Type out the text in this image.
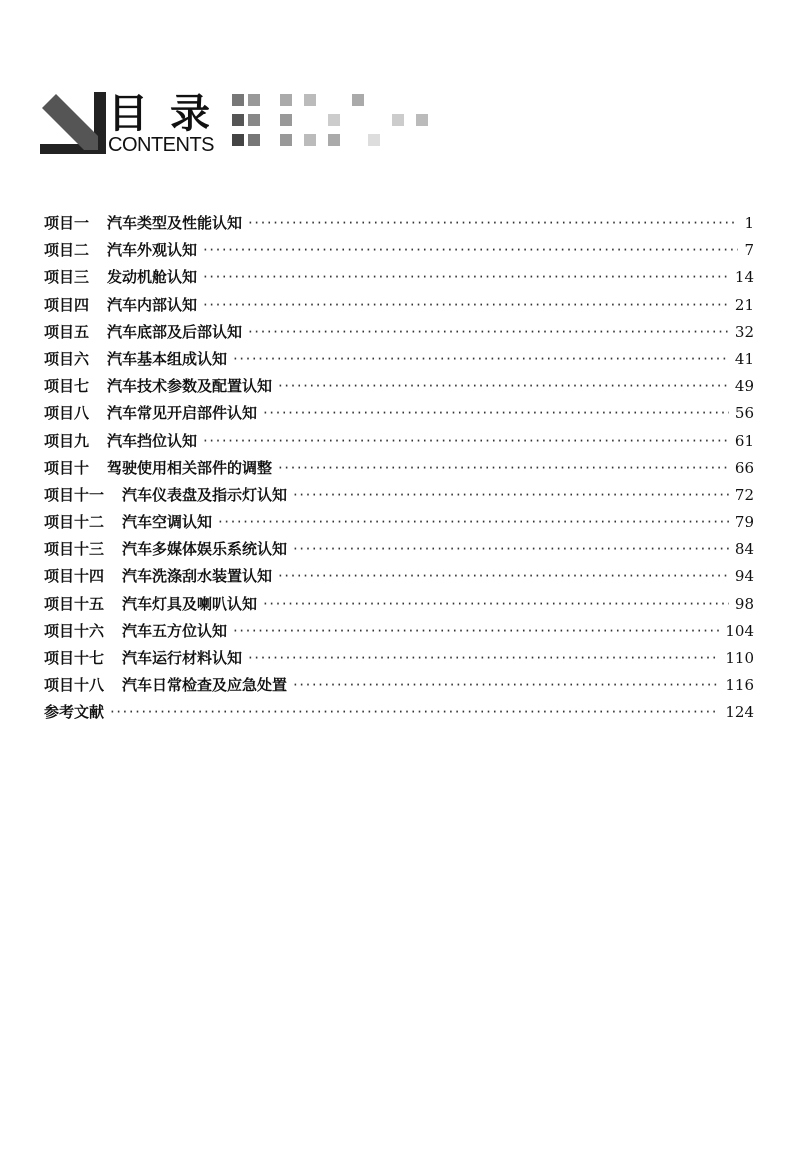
目录
CONTENTS
项目一 汽车类型及性能认知 ·····	1
项目二 汽车外观认知 ·····	7
项目三 发动机舱认知 ·····	14
项目四 汽车内部认知 ·····	21
项目五 汽车底部及后部认知 ·····	32
项目六 汽车基本组成认知 ·····	41
项目七 汽车技术参数及配置认知 ·····	49
项目八 汽车常见开启部件认知 ·····	56
项目九 汽车挡位认知 ·····	61
项目十 驾驶使用相关部件的调整 ·····	66
项目十一 汽车仪表盘及指示灯认知 ·····	72
项目十二 汽车空调认知 ·····	79
项目十三 汽车多媒体娱乐系统认知 ·····	84
项目十四 汽车洗涤刮水装置认知 ·····	94
项目十五 汽车灯具及喇叭认知 ·····	98
项目十六 汽车五方位认知 ·····	104
项目十七 汽车运行材料认知 ·····	110
项目十八 汽车日常检查及应急处置 ·····	116
参考文献 ·····	124
